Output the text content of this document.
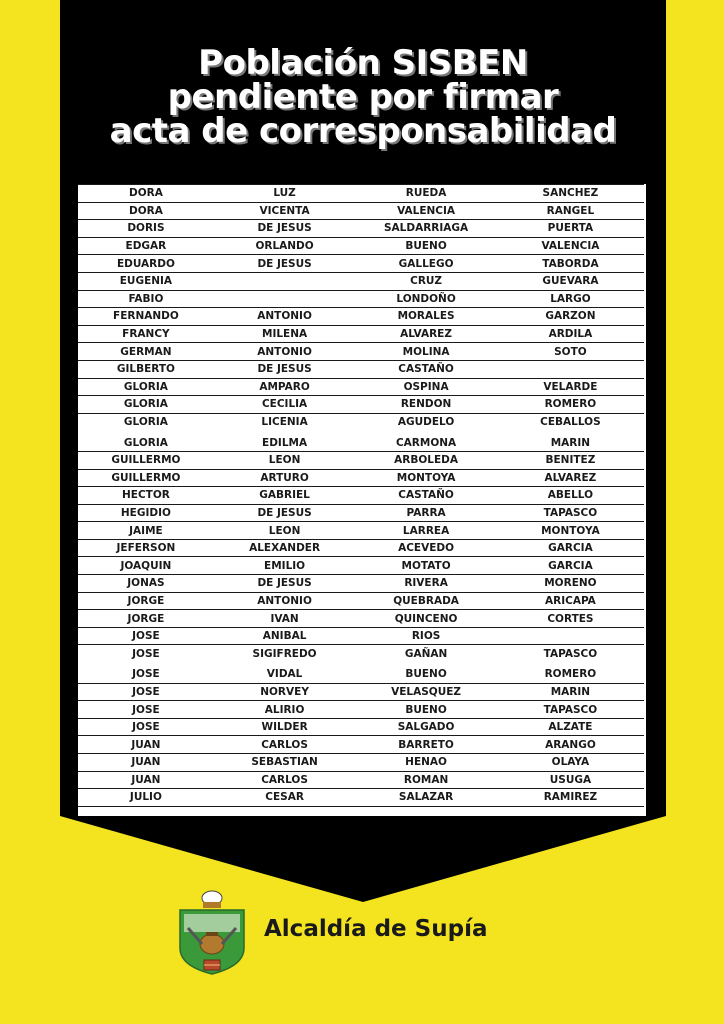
Población SISBEN
pendiente por firmar
acta de corresponsabilidad
DORA	LUZ	RUEDA	SANCHEZ
DORA	VICENTA	VALENCIA	RANGEL
DORIS	DE JESUS	SALDARRIAGA	PUERTA
EDGAR	ORLANDO	BUENO	VALENCIA
EDUARDO	DE JESUS	GALLEGO	TABORDA
EUGENIA		CRUZ	GUEVARA
FABIO		LONDOÑO	LARGO
FERNANDO	ANTONIO	MORALES	GARZON
FRANCY	MILENA	ALVAREZ	ARDILA
GERMAN	ANTONIO	MOLINA	SOTO
GILBERTO	DE JESUS	CASTAÑO	
GLORIA	AMPARO	OSPINA	VELARDE
GLORIA	CECILIA	RENDON	ROMERO
GLORIA	LICENIA	AGUDELO	CEBALLOS
GLORIA	EDILMA	CARMONA	MARIN
GUILLERMO	LEON	ARBOLEDA	BENITEZ
GUILLERMO	ARTURO	MONTOYA	ALVAREZ
HECTOR	GABRIEL	CASTAÑO	ABELLO
HEGIDIO	DE JESUS	PARRA	TAPASCO
JAIME	LEON	LARREA	MONTOYA
JEFERSON	ALEXANDER	ACEVEDO	GARCIA
JOAQUIN	EMILIO	MOTATO	GARCIA
JONAS	DE JESUS	RIVERA	MORENO
JORGE	ANTONIO	QUEBRADA	ARICAPA
JORGE	IVAN	QUINCENO	CORTES
JOSE	ANIBAL	RIOS	
JOSE	SIGIFREDO	GAÑAN	TAPASCO
JOSE	VIDAL	BUENO	ROMERO
JOSE	NORVEY	VELASQUEZ	MARIN
JOSE	ALIRIO	BUENO	TAPASCO
JOSE	WILDER	SALGADO	ALZATE
JUAN	CARLOS	BARRETO	ARANGO
JUAN	SEBASTIAN	HENAO	OLAYA
JUAN	CARLOS	ROMAN	USUGA
JULIO	CESAR	SALAZAR	RAMIREZ
Alcaldía de Supía
